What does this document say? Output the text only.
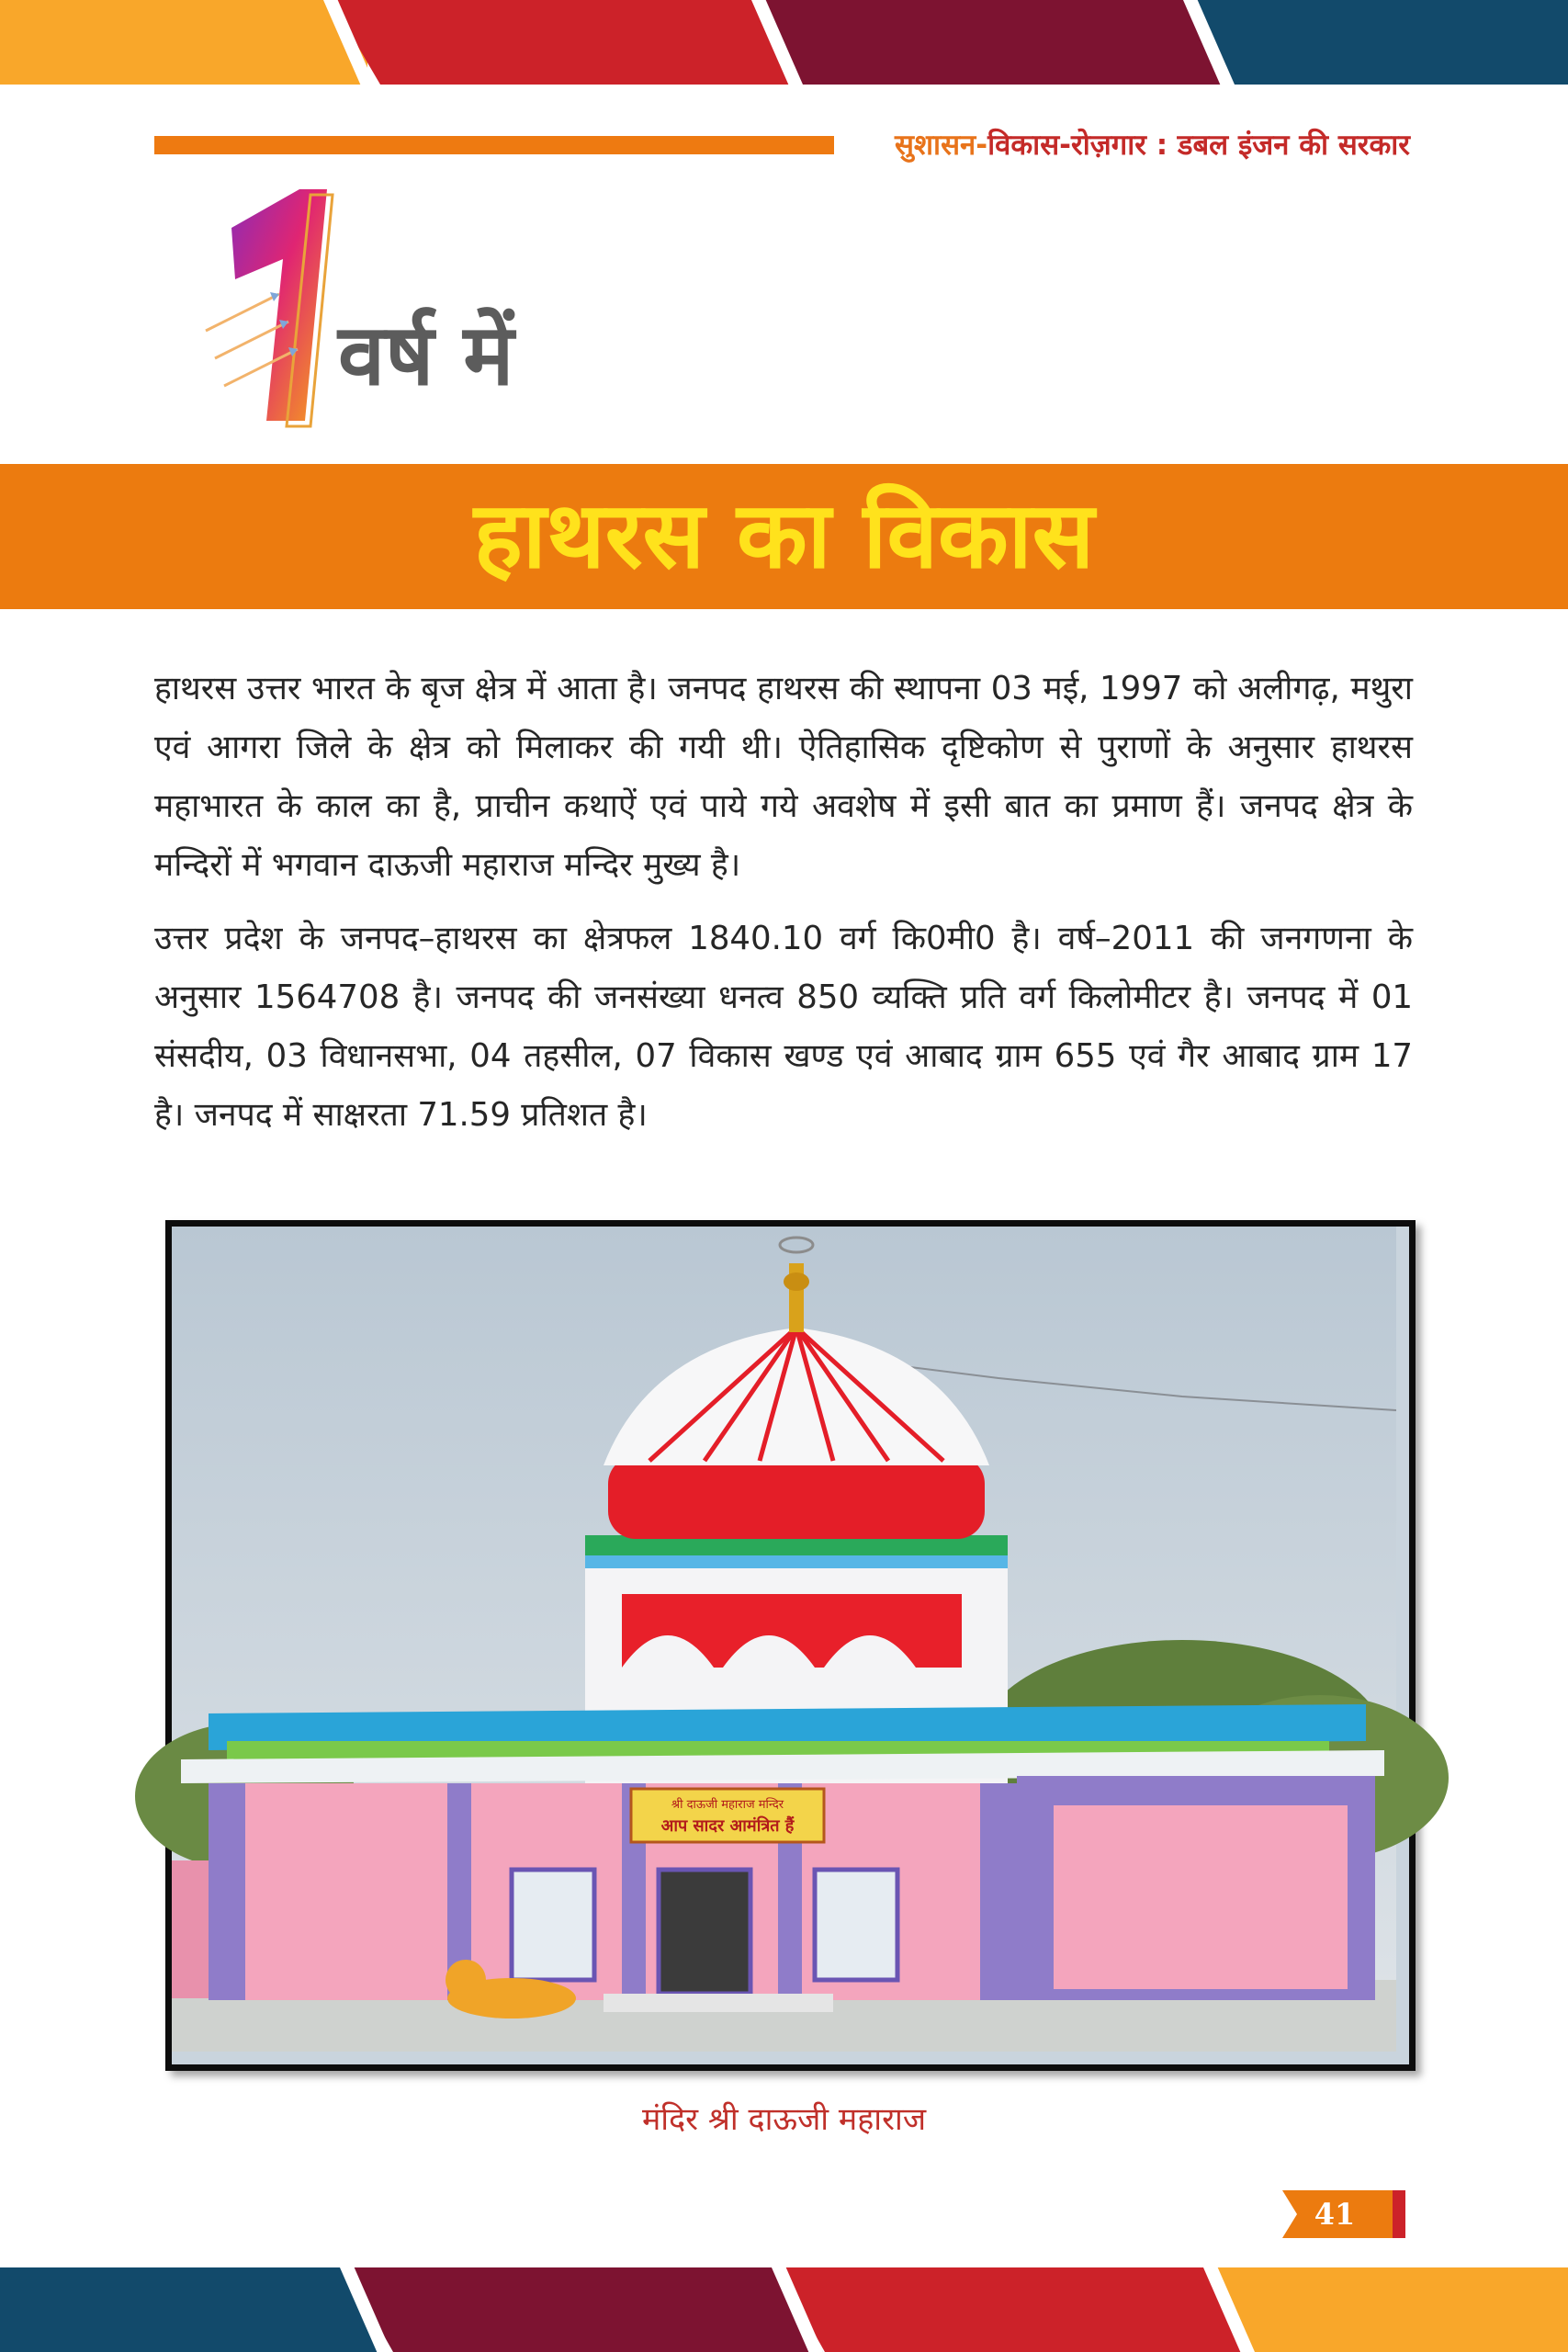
सुशासन-विकास-रोज़गार : डबल इंजन की सरकार
1
वर्ष में
हाथरस का विकास

हाथरस उत्तर भारत के बृज क्षेत्र में आता है। जनपद हाथरस की स्थापना 03 मई, 1997 को अलीगढ़, मथुरा एवं आगरा जिले के क्षेत्र को मिलाकर की गयी थी। ऐतिहासिक दृष्टिकोण से पुराणों के अनुसार हाथरस महाभारत के काल का है, प्राचीन कथाऐं एवं पाये गये अवशेष में इसी बात का प्रमाण हैं। जनपद क्षेत्र के मन्दिरों में भगवान दाऊजी महाराज मन्दिर मुख्य है।

उत्तर प्रदेश के जनपद–हाथरस का क्षेत्रफल 1840.10 वर्ग कि0मी0 है। वर्ष–2011 की जनगणना के अनुसार 1564708 है। जनपद की जनसंख्या धनत्व 850 व्यक्ति प्रति वर्ग किलोमीटर है। जनपद में 01 संसदीय, 03 विधानसभा, 04 तहसील, 07 विकास खण्ड एवं आबाद ग्राम 655 एवं गैर आबाद ग्राम 17 है। जनपद में साक्षरता 71.59 प्रतिशत है।

श्री दाऊजी महाराज मन्दिर
आप सादर आमंत्रित हैं
मंदिर श्री दाऊजी महाराज
41
